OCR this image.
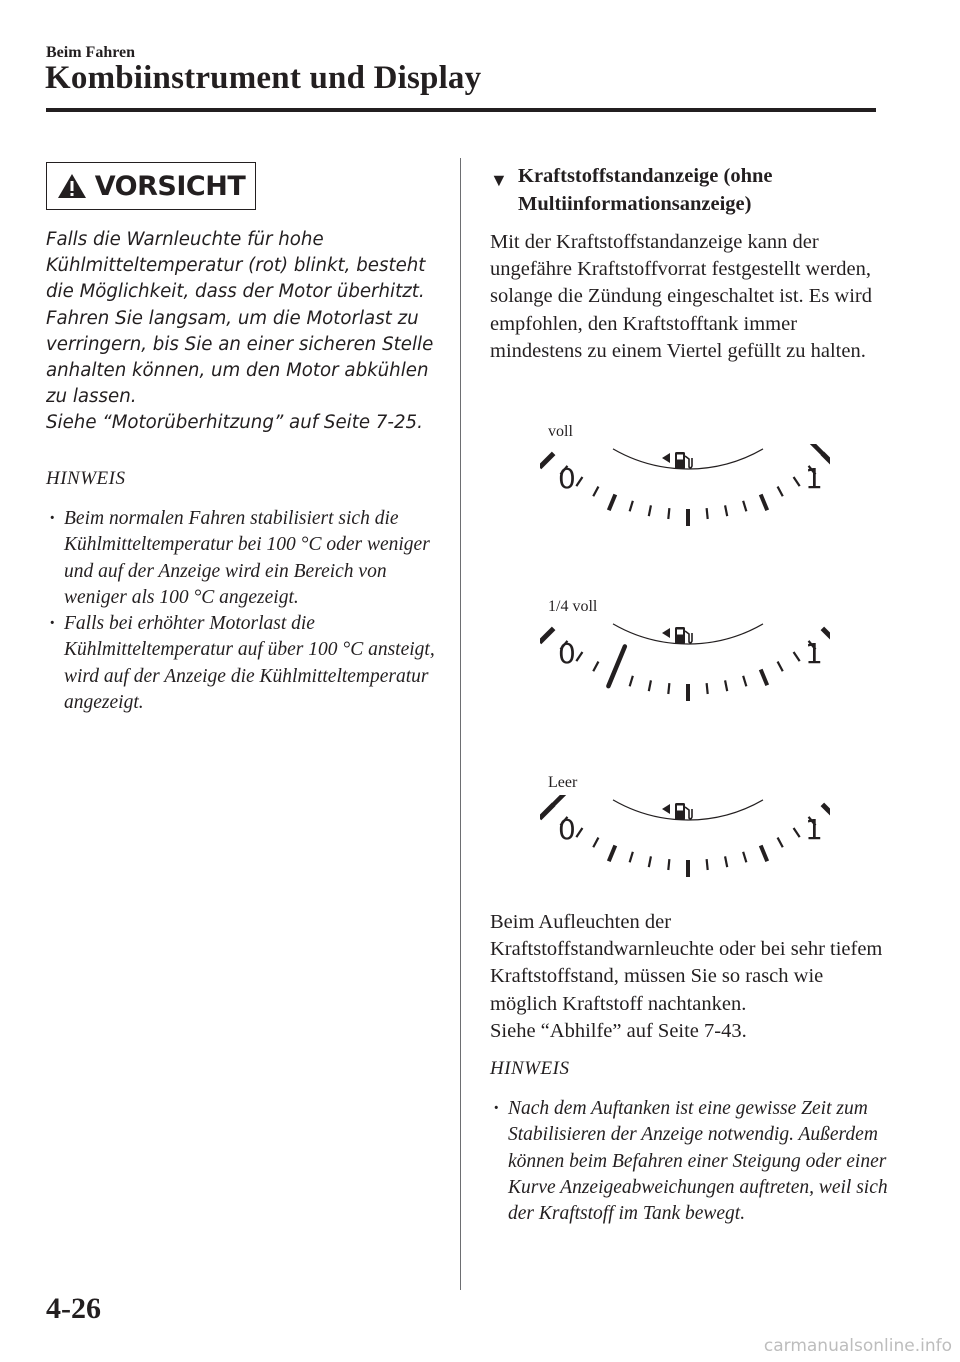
Beim Fahren
Kombiinstrument und Display
VORSICHT

Falls die Warnleuchte für hohe Kühlmitteltemperatur (rot) blinkt, besteht die Möglichkeit, dass der Motor überhitzt. Fahren Sie langsam, um die Motorlast zu verringern, bis Sie an einer sicheren Stelle anhalten können, um den Motor abkühlen zu lassen.

Siehe “Motorüberhitzung” auf Seite 7-25.

HINWEIS
· Beim normalen Fahren stabilisiert sich die Kühlmitteltemperatur bei 100 °C oder weniger und auf der Anzeige wird ein Bereich von weniger als 100 °C angezeigt.
· Falls bei erhöhter Motorlast die Kühlmitteltemperatur auf über 100 °C ansteigt, wird auf der Anzeige die Kühlmitteltemperatur angezeigt.
▼ Kraftstoffstandanzeige (ohne Multiinformationsanzeige)

Mit der Kraftstoffstandanzeige kann der ungefähre Kraftstoffvorrat festgestellt werden, solange die Zündung eingeschaltet ist. Es wird empfohlen, den Kraftstofftank immer mindestens zu einem Viertel gefüllt zu halten.

voll
0	1
1/4 voll
0	1
Leer
0	1

Beim Aufleuchten der Kraftstoffstandwarnleuchte oder bei sehr tiefem Kraftstoffstand, müssen Sie so rasch wie möglich Kraftstoff nachtanken.

Siehe “Abhilfe” auf Seite 7-43.

HINWEIS
· Nach dem Auftanken ist eine gewisse Zeit zum Stabilisieren der Anzeige notwendig. Außerdem können beim Befahren einer Steigung oder einer Kurve Anzeigeabweichungen auftreten, weil sich der Kraftstoff im Tank bewegt.
4-26
carmanualsonline.info
